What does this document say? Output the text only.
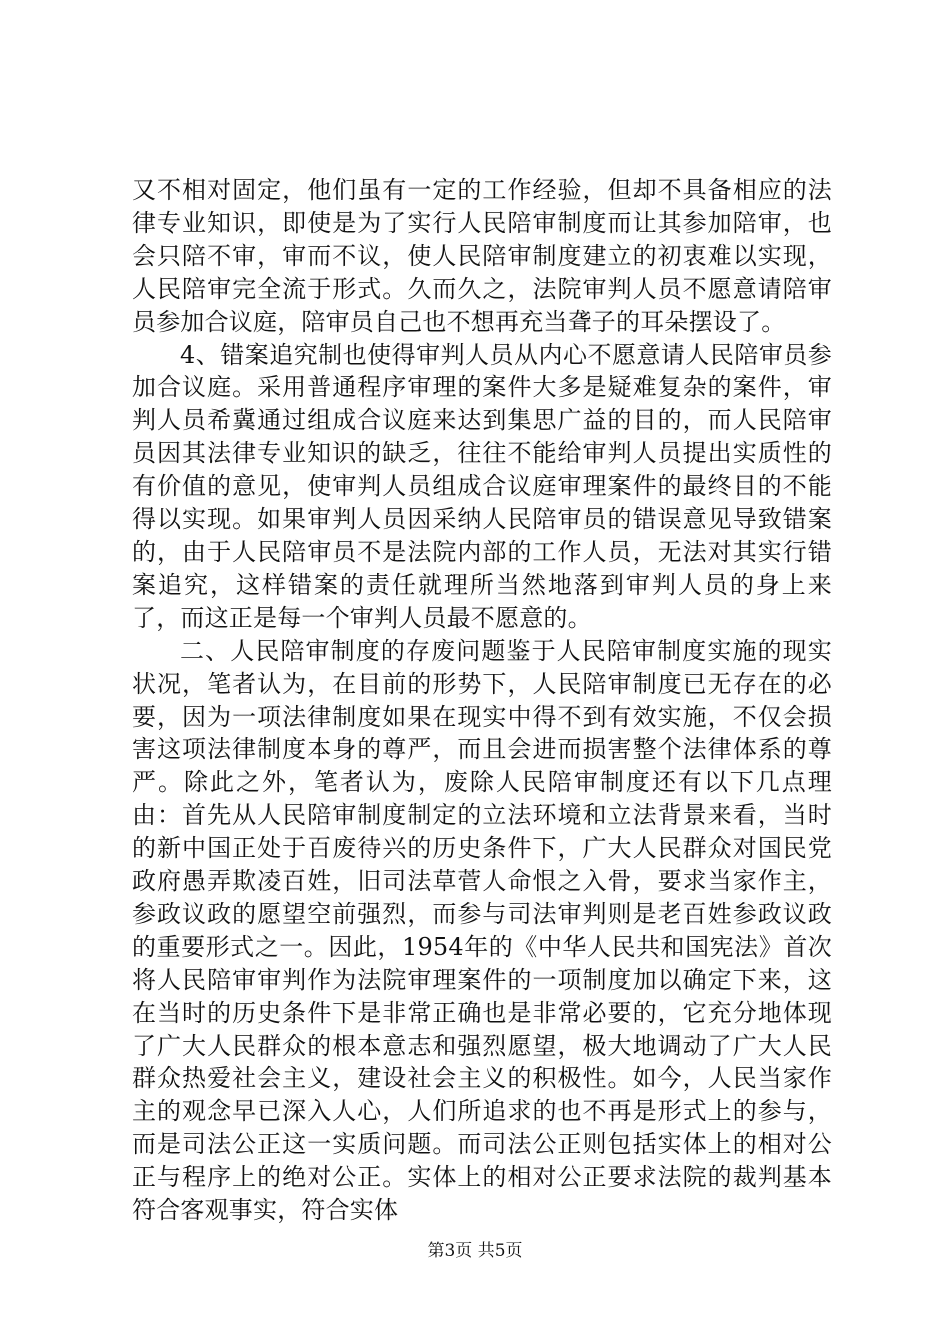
又不相对固定，他们虽有一定的工作经验，但却不具备相应的法律专业知识，即使是为了实行人民陪审制度而让其参加陪审，也会只陪不审，审而不议，使人民陪审制度建立的初衷难以实现，人民陪审完全流于形式。久而久之，法院审判人员不愿意请陪审员参加合议庭，陪审员自己也不想再充当聋子的耳朵摆设了。

4、错案追究制也使得审判人员从内心不愿意请人民陪审员参加合议庭。采用普通程序审理的案件大多是疑难复杂的案件，审判人员希冀通过组成合议庭来达到集思广益的目的，而人民陪审员因其法律专业知识的缺乏，往往不能给审判人员提出实质性的有价值的意见，使审判人员组成合议庭审理案件的最终目的不能得以实现。如果审判人员因采纳人民陪审员的错误意见导致错案的，由于人民陪审员不是法院内部的工作人员，无法对其实行错案追究，这样错案的责任就理所当然地落到审判人员的身上来了，而这正是每一个审判人员最不愿意的。

二、人民陪审制度的存废问题鉴于人民陪审制度实施的现实状况，笔者认为，在目前的形势下，人民陪审制度已无存在的必要，因为一项法律制度如果在现实中得不到有效实施，不仅会损害这项法律制度本身的尊严，而且会进而损害整个法律体系的尊严。除此之外，笔者认为，废除人民陪审制度还有以下几点理由：首先从人民陪审制度制定的立法环境和立法背景来看，当时的新中国正处于百废待兴的历史条件下，广大人民群众对国民党政府愚弄欺凌百姓，旧司法草菅人命恨之入骨，要求当家作主，参政议政的愿望空前强烈，而参与司法审判则是老百姓参政议政的重要形式之一。因此，1954年的《中华人民共和国宪法》首次将人民陪审审判作为法院审理案件的一项制度加以确定下来，这在当时的历史条件下是非常正确也是非常必要的，它充分地体现了广大人民群众的根本意志和强烈愿望，极大地调动了广大人民群众热爱社会主义，建设社会主义的积极性。如今，人民当家作主的观念早已深入人心，人们所追求的也不再是形式上的参与，而是司法公正这一实质问题。而司法公正则包括实体上的相对公正与程序上的绝对公正。实体上的相对公正要求法院的裁判基本符合客观事实，符合实体

第3页 共5页
